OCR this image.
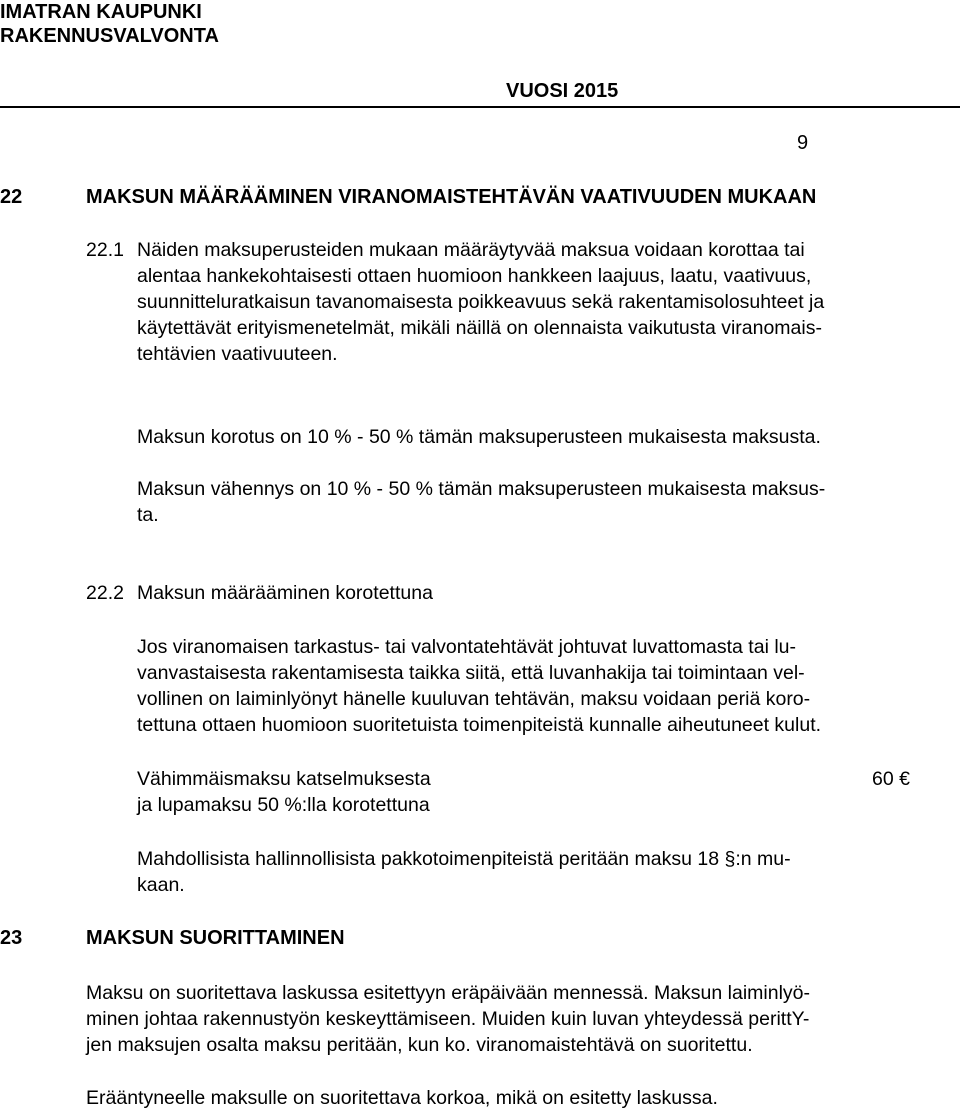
IMATRAN KAUPUNKI
RAKENNUSVALVONTA
VUOSI 2015
9
22	MAKSUN MÄÄRÄÄMINEN VIRANOMAISTEHTÄVÄN VAATIVUUDEN MUKAAN
22.1 Näiden maksuperusteiden mukaan määräytyvää maksua voidaan korottaa tai
alentaa hankekohtaisesti ottaen huomioon hankkeen laajuus, laatu, vaativuus,
suunnitteluratkaisun tavanomaisesta poikkeavuus sekä rakentamisolosuhteet ja
käytettävät erityismenetelmät, mikäli näillä on olennaista vaikutusta viranomais-
tehtävien vaativuuteen.
Maksun korotus on 10 % - 50 % tämän maksuperusteen mukaisesta maksusta.
Maksun vähennys on 10 % - 50 % tämän maksuperusteen mukaisesta maksus-
ta.
22.2 Maksun määrääminen korotettuna
Jos viranomaisen tarkastus- tai valvontatehtävät johtuvat luvattomasta tai lu-
vanvastaisesta rakentamisesta taikka siitä, että luvanhakija tai toimintaan vel-
vollinen on laiminlyönyt hänelle kuuluvan tehtävän, maksu voidaan periä koro-
tettuna ottaen huomioon suoritetuista toimenpiteistä kunnalle aiheutuneet kulut.
Vähimmäismaksu katselmuksesta
ja lupamaksu 50 %:lla korotettuna
60 €
Mahdollisista hallinnollisista pakkotoimenpiteistä peritään maksu 18 §:n mu-
kaan.
23	MAKSUN SUORITTAMINEN
Maksu on suoritettava laskussa esitettyyn eräpäivään mennessä. Maksun laiminlyö-
minen johtaa rakennustyön keskeyttämiseen. Muiden kuin luvan yhteydessä perittY-
jen maksujen osalta maksu peritään, kun ko. viranomaistehtävä on suoritettu.
Erääntyneelle maksulle on suoritettava korkoa, mikä on esitetty laskussa.
